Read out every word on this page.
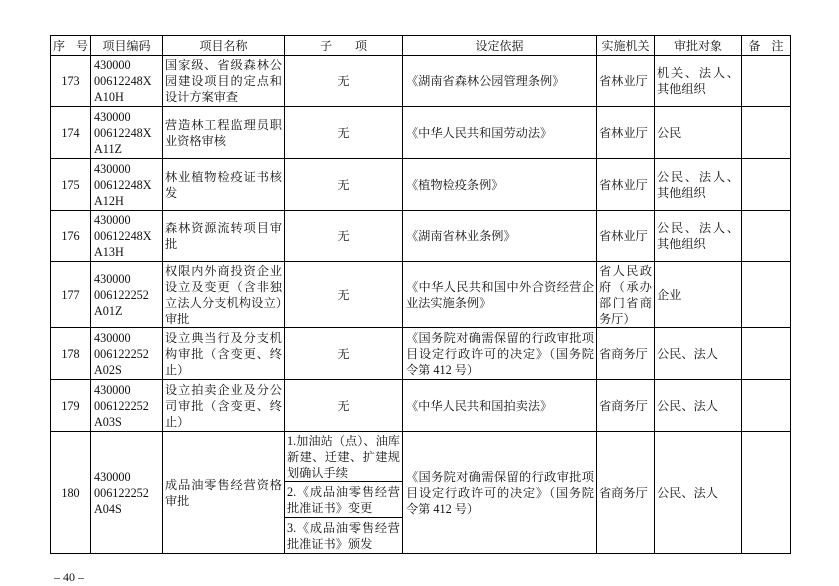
序 号	项目编码	项目名称	子 项	设定依据	实施机关	审批对象	备 注
173	430000
00612248X
A10H	国家级、省级森林公园建设项目的定点和设计方案审查	无	《湖南省森林公园管理条例》	省林业厅	机关、法人、其他组织	
174	430000
00612248X
A11Z	营造林工程监理员职业资格审核	无	《中华人民共和国劳动法》	省林业厅	公民	
175	430000
00612248X
A12H	林业植物检疫证书核发	无	《植物检疫条例》	省林业厅	公民、法人、其他组织	
176	430000
00612248X
A13H	森林资源流转项目审批	无	《湖南省林业条例》	省林业厅	公民、法人、其他组织	
177	430000
006122252
A01Z	权限内外商投资企业设立及变更（含非独立法人分支机构设立）审批	无	《中华人民共和国中外合资经营企业法实施条例》	省人民政府（承办部门省商务厅）	企业	
178	430000
006122252
A02S	设立典当行及分支机构审批（含变更、终止）	无	《国务院对确需保留的行政审批项目设定行政许可的决定》（国务院令第 412 号）	省商务厅	公民、法人	
179	430000
006122252
A03S	设立拍卖企业及分公司审批（含变更、终止）	无	《中华人民共和国拍卖法》	省商务厅	公民、法人	
180	430000
006122252
A04S	成品油零售经营资格审批	1.加油站（点）、油库新建、迁建、扩建规划确认手续	《国务院对确需保留的行政审批项目设定行政许可的决定》（国务院令第 412 号）	省商务厅	公民、法人	
			2.《成品油零售经营批准证书》变更				
			3.《成品油零售经营批准证书》颁发				
– 40 –
